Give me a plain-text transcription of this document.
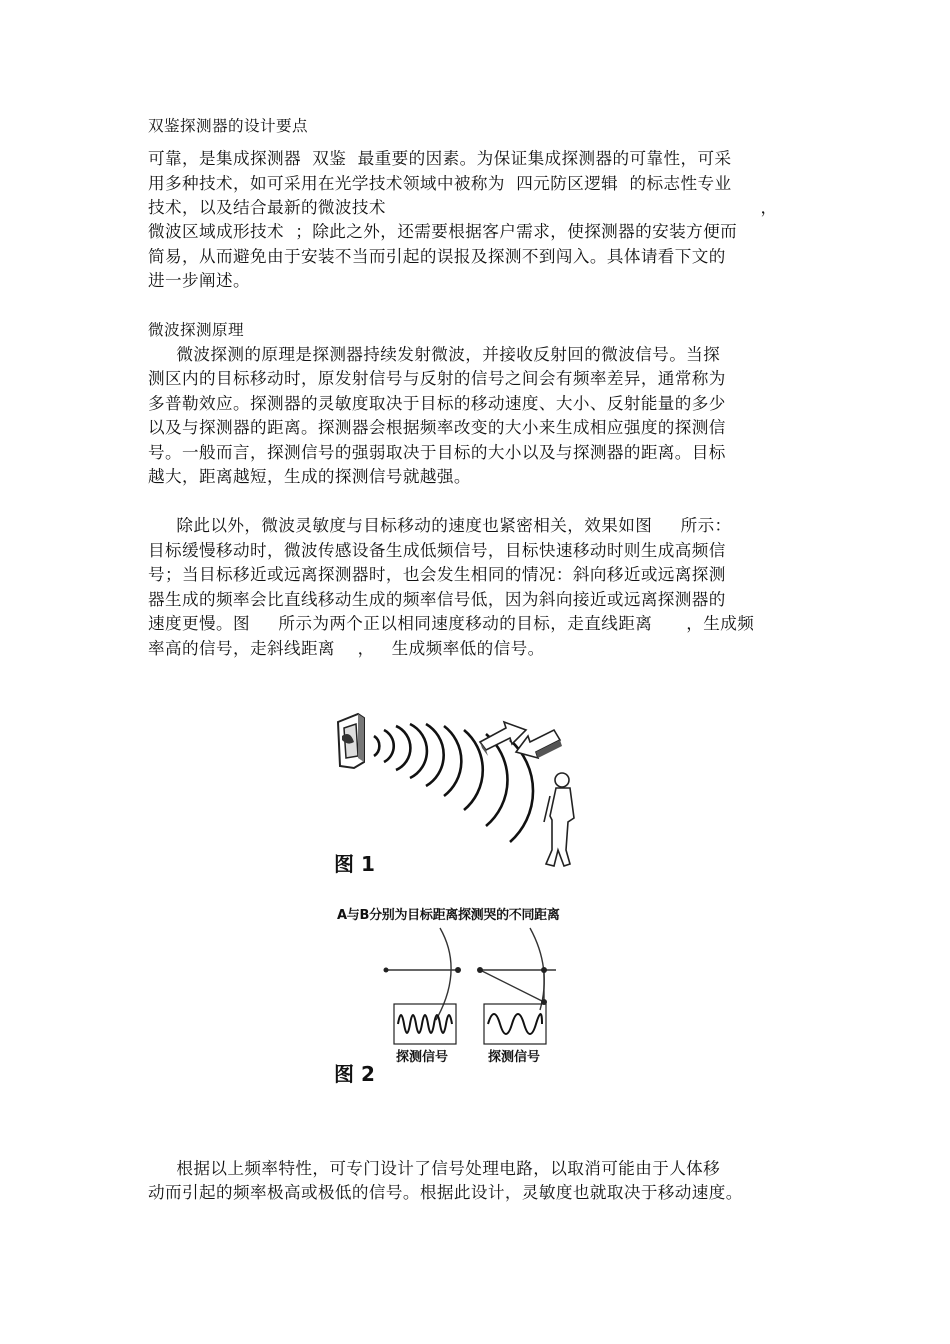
双鉴探测器的设计要点
可靠，是集成探测器  双鉴  最重要的因素。为保证集成探测器的可靠性，可采
用多种技术，如可采用在光学技术领域中被称为  四元防区逻辑  的标志性专业
技术，以及结合最新的微波技术                                                                  ，
微波区域成形技术  ；除此之外，还需要根据客户需求，使探测器的安装方便而
简易，从而避免由于安装不当而引起的误报及探测不到闯入。具体请看下文的
进一步阐述。
微波探测原理
微波探测的原理是探测器持续发射微波，并接收反射回的微波信号。当探
测区内的目标移动时，原发射信号与反射的信号之间会有频率差异，通常称为
多普勒效应。探测器的灵敏度取决于目标的移动速度、大小、反射能量的多少
以及与探测器的距离。探测器会根据频率改变的大小来生成相应强度的探测信
号。一般而言，探测信号的强弱取决于目标的大小以及与探测器的距离。目标
越大，距离越短，生成的探测信号就越强。
除此以外，微波灵敏度与目标移动的速度也紧密相关，效果如图     所示：
目标缓慢移动时，微波传感设备生成低频信号，目标快速移动时则生成高频信
号；当目标移近或远离探测器时，也会发生相同的情况：斜向移近或远离探测
器生成的频率会比直线移动生成的频率信号低，因为斜向接近或远离探测器的
速度更慢。图     所示为两个正以相同速度移动的目标，走直线距离      ，生成频
率高的信号，走斜线距离    ，   生成频率低的信号。
图 1
A与B分别为目标距离探测哭的不同距离
探测信号	探测信号
图 2
根据以上频率特性，可专门设计了信号处理电路，以取消可能由于人体移
动而引起的频率极高或极低的信号。根据此设计，灵敏度也就取决于移动速度。
